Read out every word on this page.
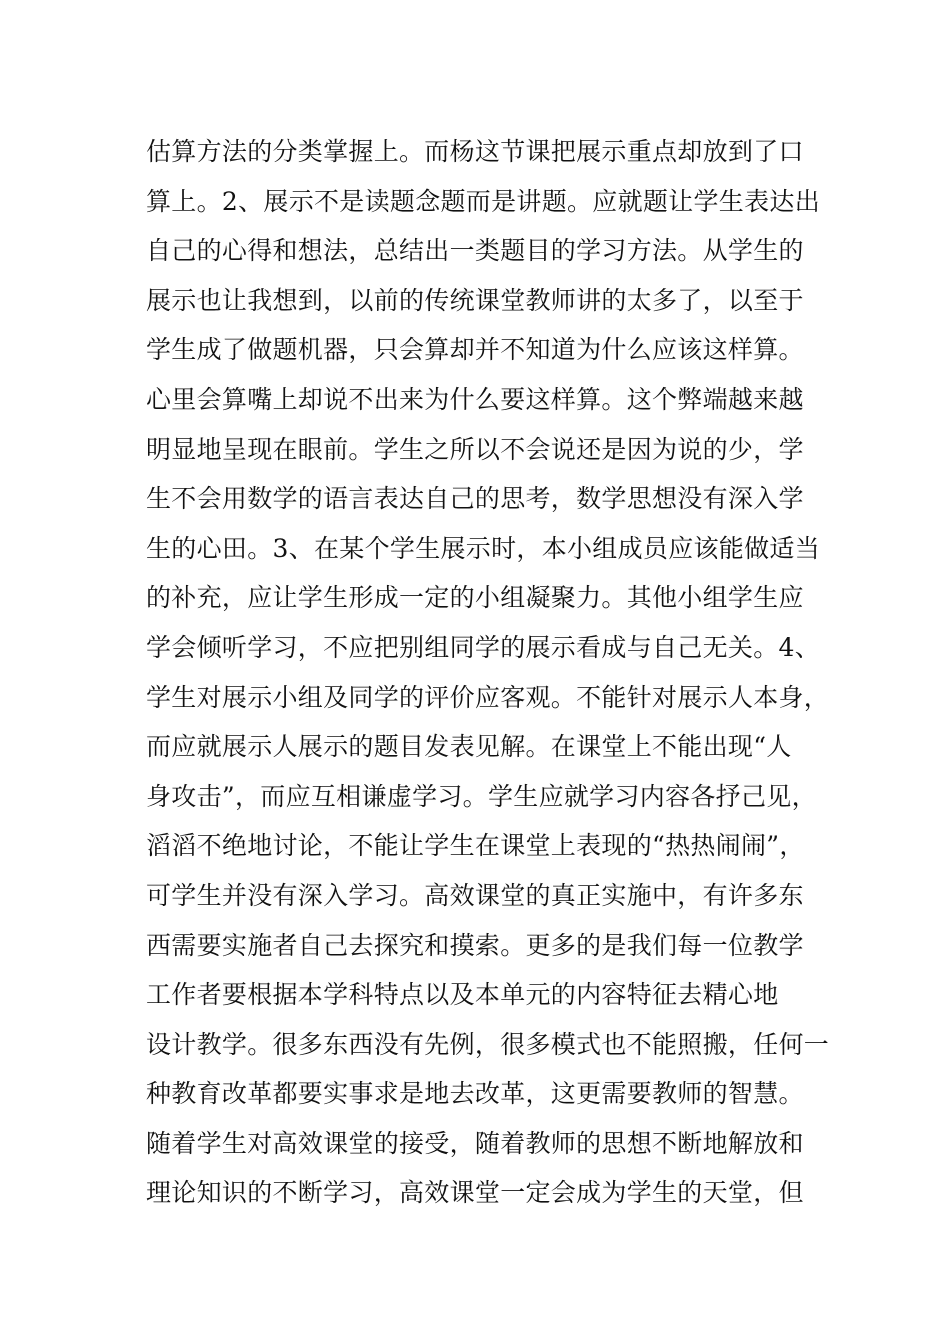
估算方法的分类掌握上。而杨这节课把展示重点却放到了口
算上。2、展示不是读题念题而是讲题。应就题让学生表达出
自己的心得和想法，总结出一类题目的学习方法。从学生的
展示也让我想到，以前的传统课堂教师讲的太多了，以至于
学生成了做题机器，只会算却并不知道为什么应该这样算。
心里会算嘴上却说不出来为什么要这样算。这个弊端越来越
明显地呈现在眼前。学生之所以不会说还是因为说的少，学
生不会用数学的语言表达自己的思考，数学思想没有深入学
生的心田。3、在某个学生展示时，本小组成员应该能做适当
的补充，应让学生形成一定的小组凝聚力。其他小组学生应
学会倾听学习，不应把别组同学的展示看成与自己无关。4、
学生对展示小组及同学的评价应客观。不能针对展示人本身，
而应就展示人展示的题目发表见解。在课堂上不能出现“人
身攻击”，而应互相谦虚学习。学生应就学习内容各抒己见，
滔滔不绝地讨论，不能让学生在课堂上表现的“热热闹闹”，
可学生并没有深入学习。高效课堂的真正实施中，有许多东
西需要实施者自己去探究和摸索。更多的是我们每一位教学
工作者要根据本学科特点以及本单元的内容特征去精心地
设计教学。很多东西没有先例，很多模式也不能照搬，任何一
种教育改革都要实事求是地去改革，这更需要教师的智慧。
随着学生对高效课堂的接受，随着教师的思想不断地解放和
理论知识的不断学习，高效课堂一定会成为学生的天堂，但
